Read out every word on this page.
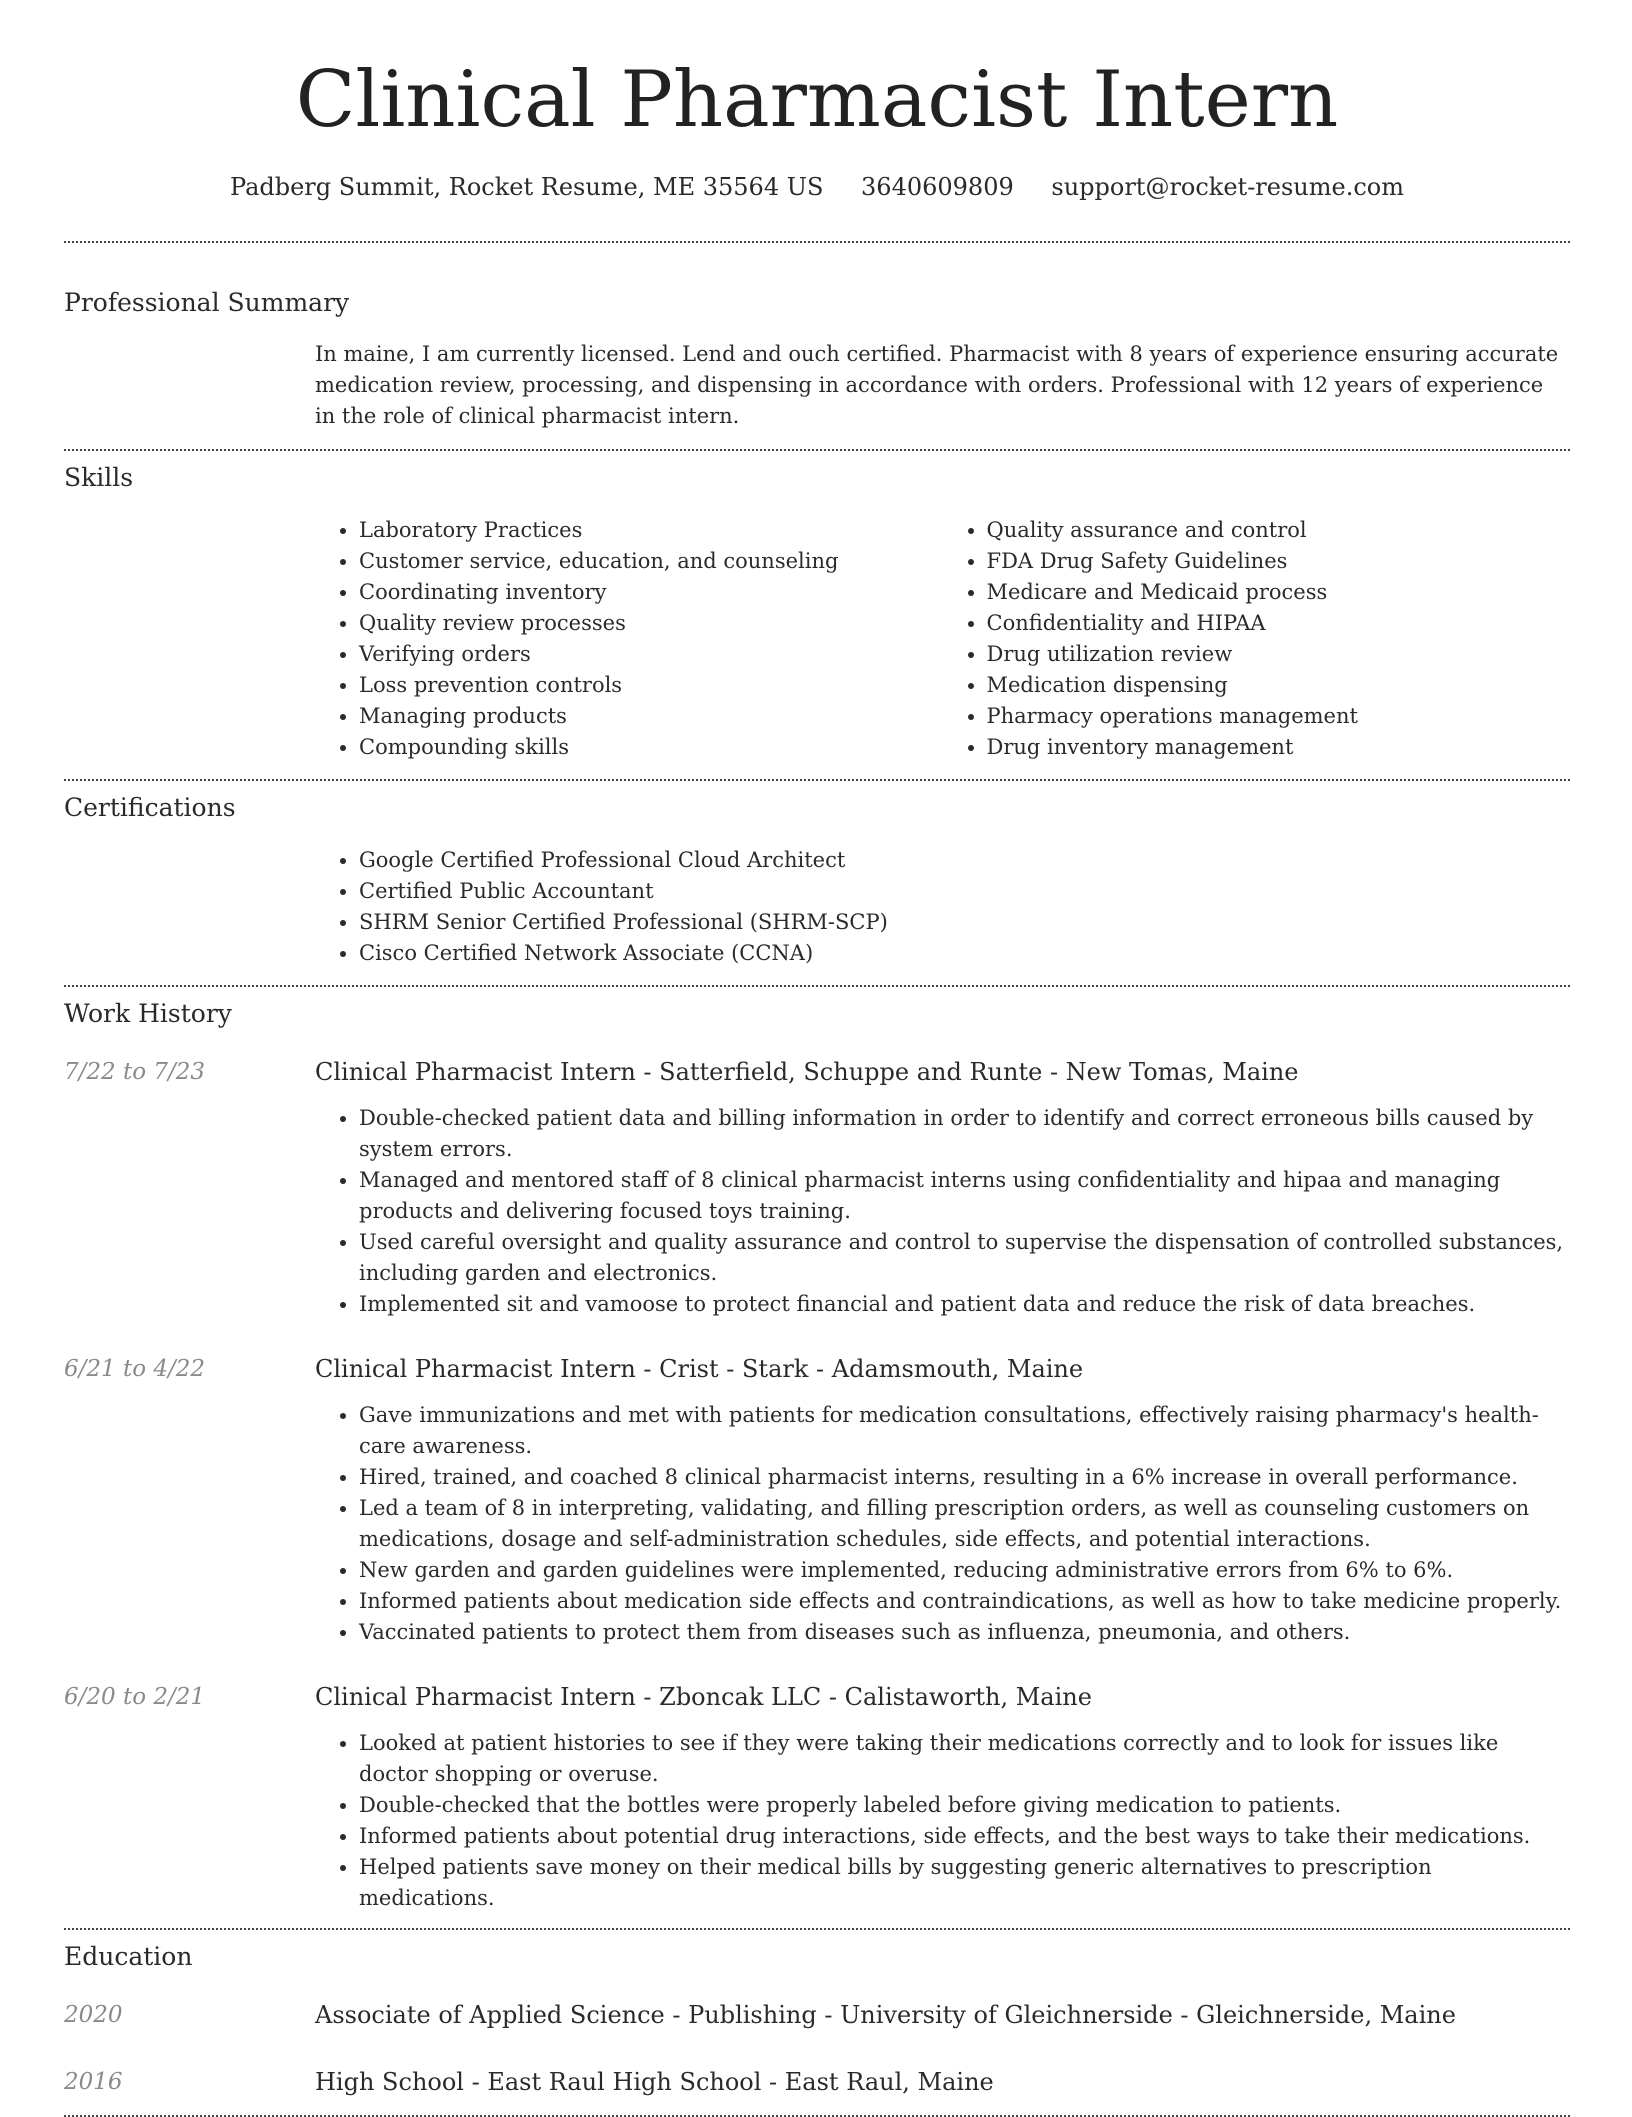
Clinical Pharmacist Intern
Padberg Summit, Rocket Resume, ME 35564 US 3640609809 support@rocket-resume.com
Professional Summary

In maine, I am currently licensed. Lend and ouch certified. Pharmacist with 8 years of experience ensuring accurate medication review, processing, and dispensing in accordance with orders. Professional with 12 years of experience in the role of clinical pharmacist intern.

Skills
• Laboratory Practices
• Customer service, education, and counseling
• Coordinating inventory
• Quality review processes
• Verifying orders
• Loss prevention controls
• Managing products
• Compounding skills
• Quality assurance and control
• FDA Drug Safety Guidelines
• Medicare and Medicaid process
• Confidentiality and HIPAA
• Drug utilization review
• Medication dispensing
• Pharmacy operations management
• Drug inventory management
Certifications
• Google Certified Professional Cloud Architect
• Certified Public Accountant
• SHRM Senior Certified Professional (SHRM-SCP)
• Cisco Certified Network Associate (CCNA)
Work History
7/22 to 7/23	Clinical Pharmacist Intern - Satterfield, Schuppe and Runte - New Tomas, Maine
• Double-checked patient data and billing information in order to identify and correct erroneous bills caused by system errors.
• Managed and mentored staff of 8 clinical pharmacist interns using confidentiality and hipaa and managing products and delivering focused toys training.
• Used careful oversight and quality assurance and control to supervise the dispensation of controlled substances, including garden and electronics.
• Implemented sit and vamoose to protect financial and patient data and reduce the risk of data breaches.
6/21 to 4/22	Clinical Pharmacist Intern - Crist - Stark - Adamsmouth, Maine
• Gave immunizations and met with patients for medication consultations, effectively raising pharmacy's health-care awareness.
• Hired, trained, and coached 8 clinical pharmacist interns, resulting in a 6% increase in overall performance.
• Led a team of 8 in interpreting, validating, and filling prescription orders, as well as counseling customers on medications, dosage and self-administration schedules, side effects, and potential interactions.
• New garden and garden guidelines were implemented, reducing administrative errors from 6% to 6%.
• Informed patients about medication side effects and contraindications, as well as how to take medicine properly.
• Vaccinated patients to protect them from diseases such as influenza, pneumonia, and others.
6/20 to 2/21	Clinical Pharmacist Intern - Zboncak LLC - Calistaworth, Maine
• Looked at patient histories to see if they were taking their medications correctly and to look for issues like doctor shopping or overuse.
• Double-checked that the bottles were properly labeled before giving medication to patients.
• Informed patients about potential drug interactions, side effects, and the best ways to take their medications.
• Helped patients save money on their medical bills by suggesting generic alternatives to prescription medications.
Education
2020	Associate of Applied Science - Publishing - University of Gleichnerside - Gleichnerside, Maine
2016	High School - East Raul High School - East Raul, Maine
